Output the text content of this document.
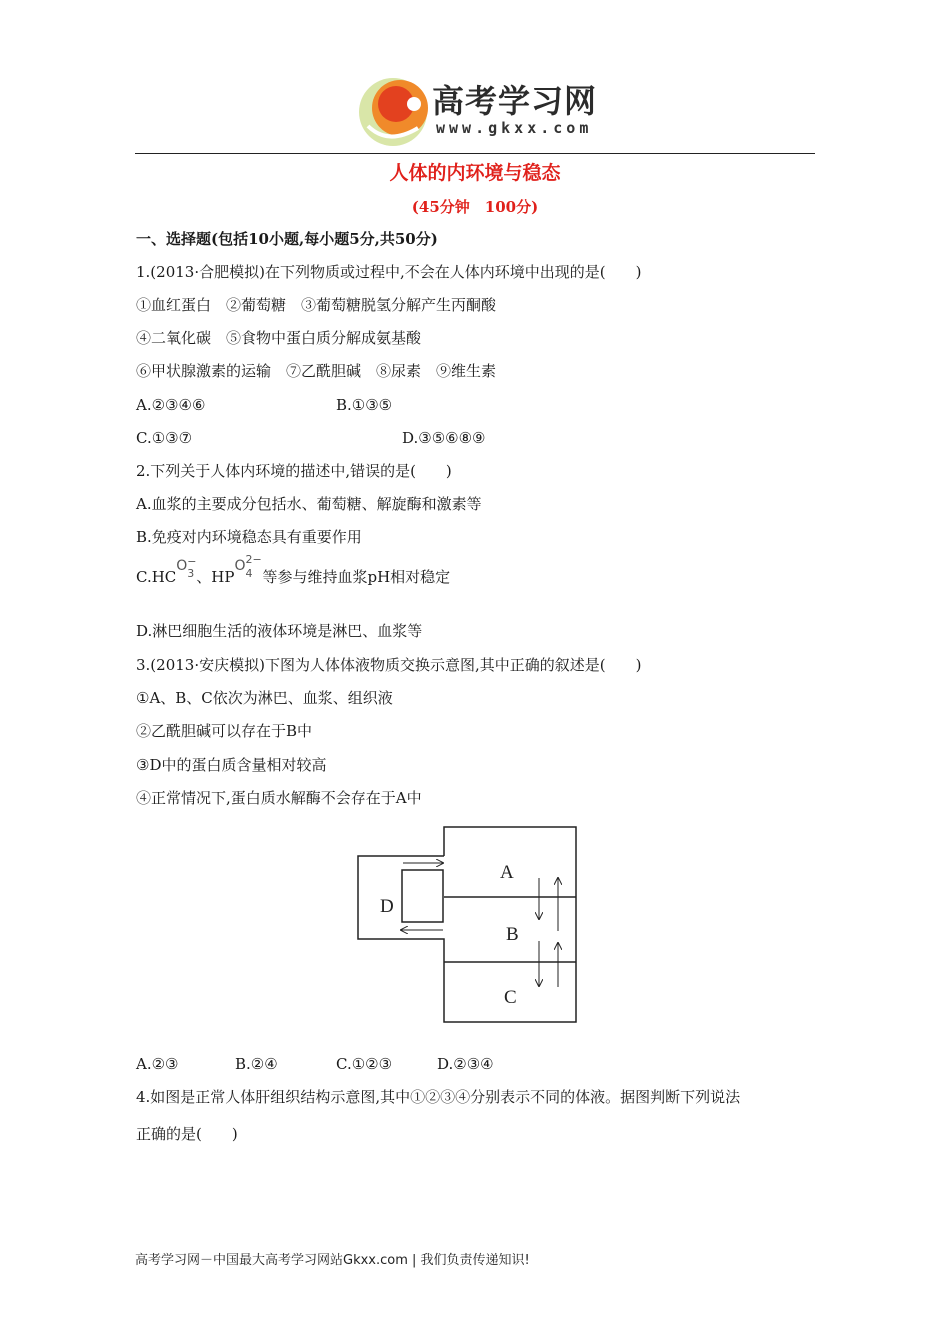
高考学习网
www.gkxx.com
人体的内环境与稳态
(45分钟　100分)
一、选择题(包括10小题,每小题5分,共50分)
1.(2013·合肥模拟)在下列物质或过程中,不会在人体内环境中出现的是(　　)
①血红蛋白　②葡萄糖　③葡萄糖脱氢分解产生丙酮酸
④二氧化碳　⑤食物中蛋白质分解成氨基酸
⑥甲状腺激素的运输　⑦乙酰胆碱　⑧尿素　⑨维生素
A.②③④⑥	B.①③⑤
C.①③⑦	D.③⑤⑥⑧⑨
2.下列关于人体内环境的描述中,错误的是(　　)
A.血浆的主要成分包括水、葡萄糖、解旋酶和激素等
B.免疫对内环境稳态具有重要作用
C.HC
O −
3 、HP
O 2−
4 等参与维持血浆pH相对稳定
D.淋巴细胞生活的液体环境是淋巴、血浆等
3.(2013·安庆模拟)下图为人体体液物质交换示意图,其中正确的叙述是(　　)
①A、B、C依次为淋巴、血浆、组织液
②乙酰胆碱可以存在于B中
③D中的蛋白质含量相对较高
④正常情况下,蛋白质水解酶不会存在于A中
A
B
C
D
A.②③	B.②④	C.①②③	D.②③④
4.如图是正常人体肝组织结构示意图,其中①②③④分别表示不同的体液。据图判断下列说法
正确的是(　　)
高考学习网－中国最大高考学习网站Gkxx.com | 我们负责传递知识!
